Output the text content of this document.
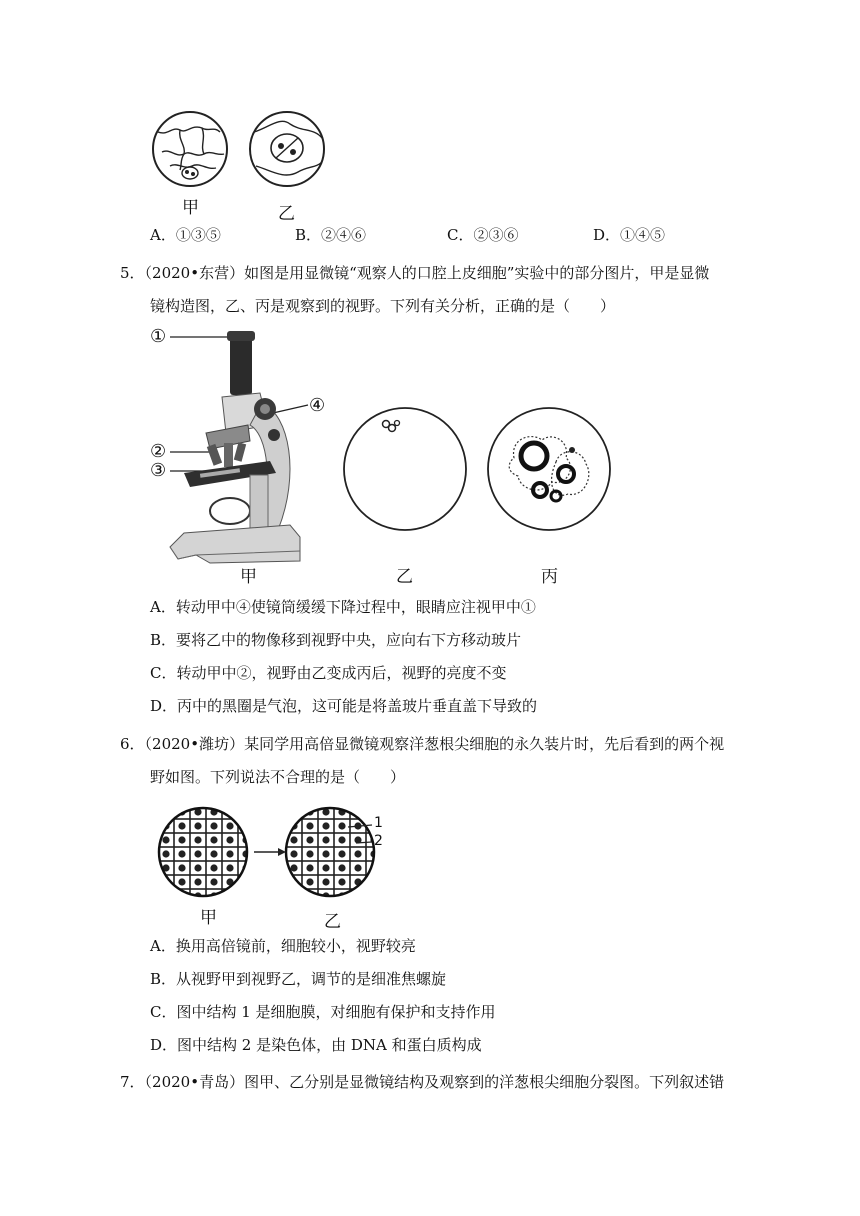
甲	乙
A．①③⑤	B．②④⑥	C．②③⑥	D．①④⑤
5．（2020•东营）如图是用显微镜“观察人的口腔上皮细胞”实验中的部分图片，甲是显微
镜构造图，乙、丙是观察到的视野。下列有关分析，正确的是（　　）
①
②
③
④
甲	乙	丙
A．转动甲中④使镜筒缓缓下降过程中，眼睛应注视甲中①
B．要将乙中的物像移到视野中央，应向右下方移动玻片
C．转动甲中②，视野由乙变成丙后，视野的亮度不变
D．丙中的黑圈是气泡，这可能是将盖玻片垂直盖下导致的
6．（2020•潍坊）某同学用高倍显微镜观察洋葱根尖细胞的永久装片时，先后看到的两个视
野如图。下列说法不合理的是（　　）
1
2
甲	乙
A．换用高倍镜前，细胞较小，视野较亮
B．从视野甲到视野乙，调节的是细准焦螺旋
C．图中结构 1 是细胞膜，对细胞有保护和支持作用
D．图中结构 2 是染色体，由 DNA 和蛋白质构成
7．（2020•青岛）图甲、乙分别是显微镜结构及观察到的洋葱根尖细胞分裂图。下列叙述错
